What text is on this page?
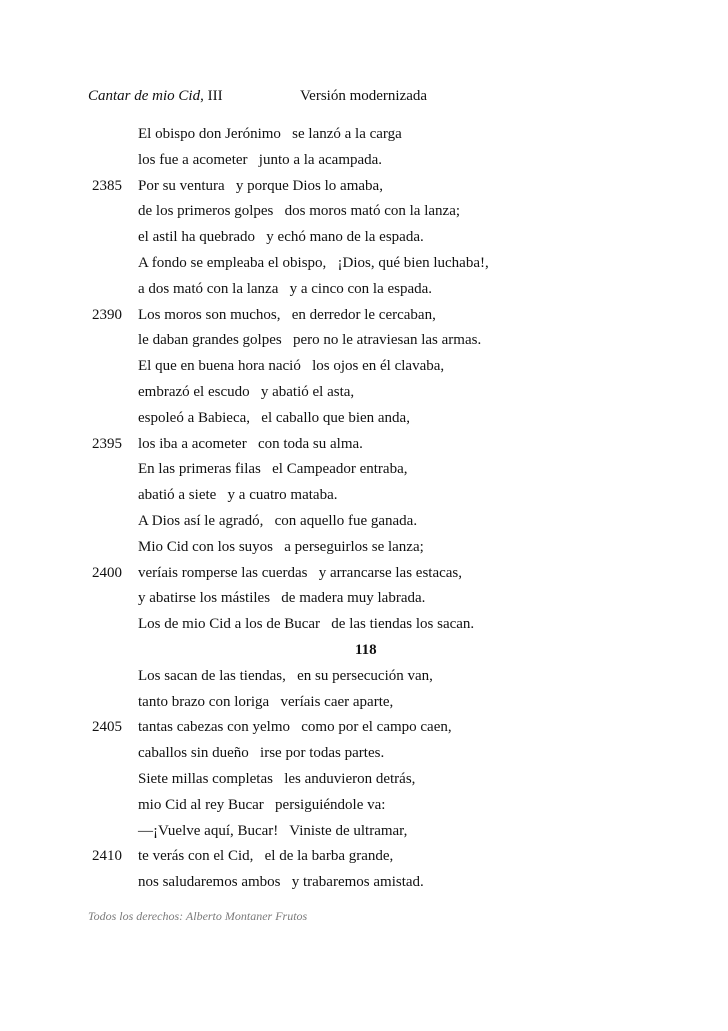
Cantar de mio Cid, III	Versión modernizada
El obispo don Jerónimo   se lanzó a la carga
los fue a acometer   junto a la acampada.
2385 Por su ventura   y porque Dios lo amaba,
de los primeros golpes   dos moros mató con la lanza;
el astil ha quebrado   y echó mano de la espada.
A fondo se empleaba el obispo,   ¡Dios, qué bien luchaba!,
a dos mató con la lanza   y a cinco con la espada.
2390 Los moros son muchos,   en derredor le cercaban,
le daban grandes golpes   pero no le atraviesan las armas.
El que en buena hora nació   los ojos en él clavaba,
embrazó el escudo   y abatió el asta,
espoleó a Babieca,   el caballo que bien anda,
2395 los iba a acometer   con toda su alma.
En las primeras filas   el Campeador entraba,
abatió a siete   y a cuatro mataba.
A Dios así le agradó,   con aquello fue ganada.
Mio Cid con los suyos   a perseguirlos se lanza;
2400 veríais romperse las cuerdas   y arrancarse las estacas,
y abatirse los mástiles   de madera muy labrada.
Los de mio Cid a los de Bucar   de las tiendas los sacan.
118
Los sacan de las tiendas,   en su persecución van,
tanto brazo con loriga   veríais caer aparte,
2405 tantas cabezas con yelmo   como por el campo caen,
caballos sin dueño   irse por todas partes.
Siete millas completas   les anduvieron detrás,
mio Cid al rey Bucar   persiguiéndole va:
—¡Vuelve aquí, Bucar!   Viniste de ultramar,
2410 te verás con el Cid,   el de la barba grande,
nos saludaremos ambos   y trabaremos amistad.
Todos los derechos: Alberto Montaner Frutos
